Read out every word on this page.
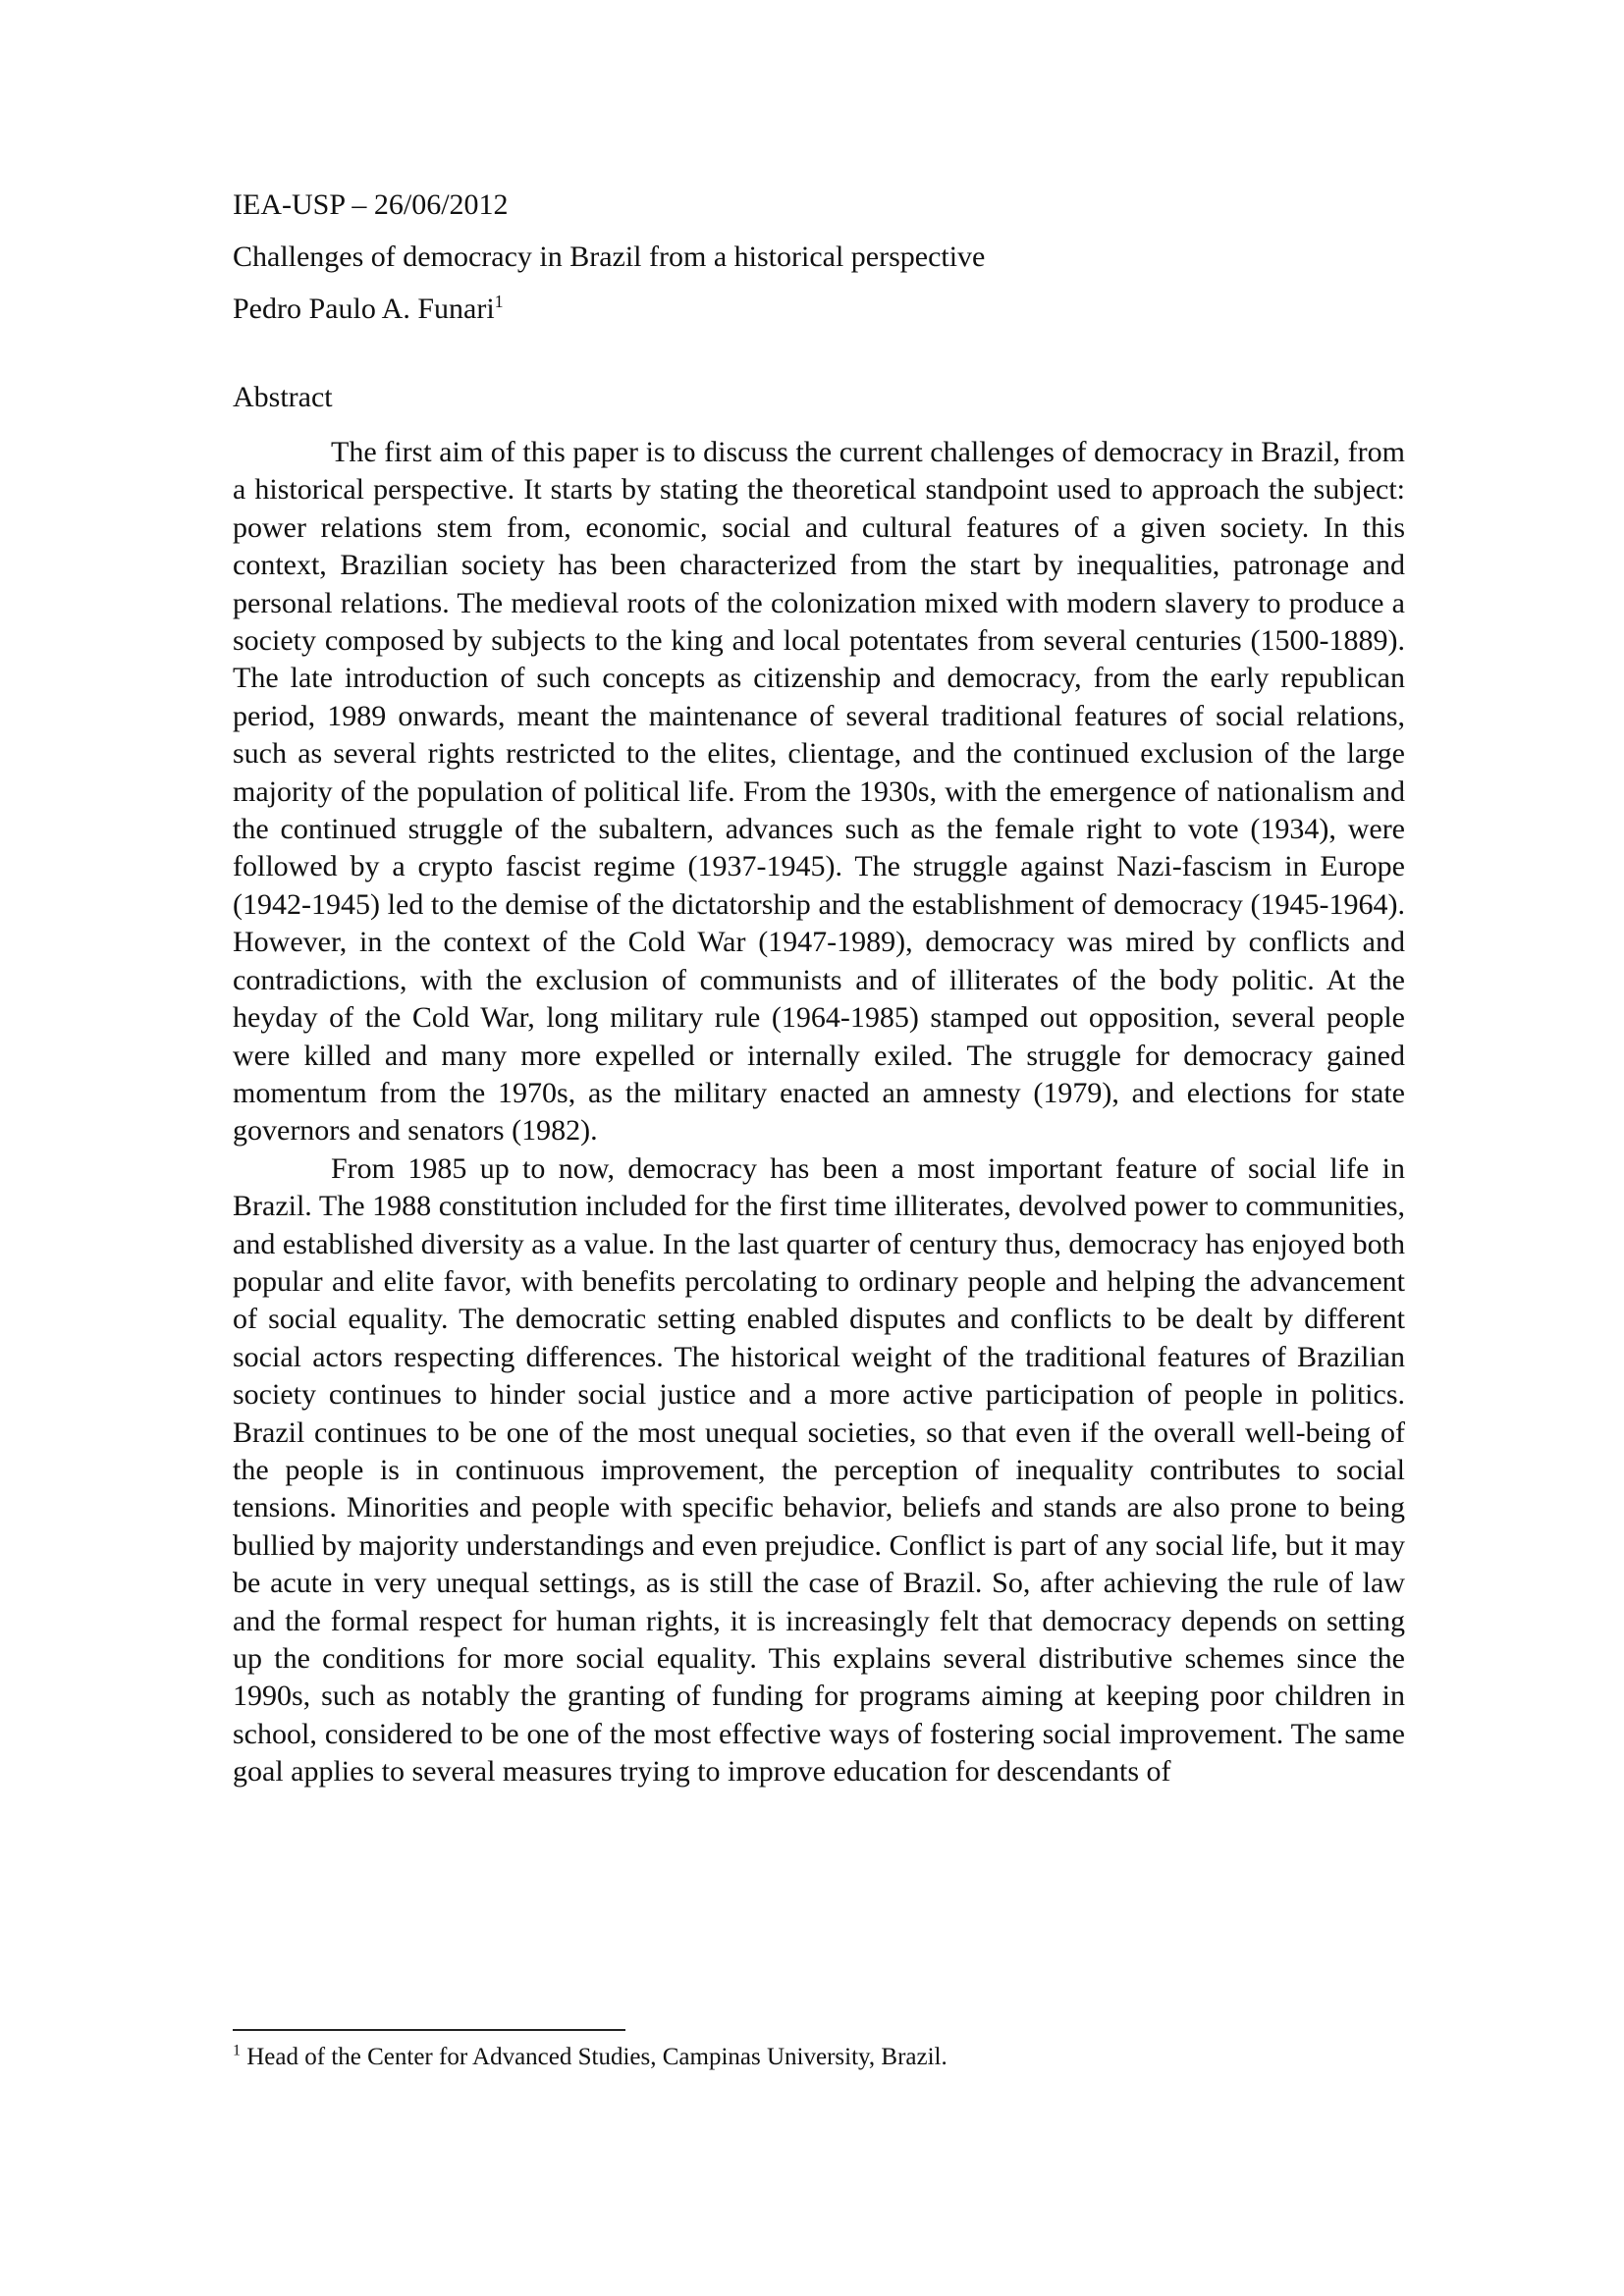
IEA-USP – 26/06/2012

Challenges of democracy in Brazil from a historical perspective

Pedro Paulo A. Funari$^1$

Abstract

The first aim of this paper is to discuss the current challenges of democracy in Brazil, from a historical perspective. It starts by stating the theoretical standpoint used to approach the subject: power relations stem from, economic, social and cultural features of a given society. In this context, Brazilian society has been characterized from the start by inequalities, patronage and personal relations. The medieval roots of the colonization mixed with modern slavery to produce a society composed by subjects to the king and local potentates from several centuries (1500-1889). The late introduction of such concepts as citizenship and democracy, from the early republican period, 1989 onwards, meant the maintenance of several traditional features of social relations, such as several rights restricted to the elites, clientage, and the continued exclusion of the large majority of the population of political life. From the 1930s, with the emergence of nationalism and the continued struggle of the subaltern, advances such as the female right to vote (1934), were followed by a crypto fascist regime (1937-1945). The struggle against Nazi-fascism in Europe (1942-1945) led to the demise of the dictatorship and the establishment of democracy (1945-1964). However, in the context of the Cold War (1947-1989), democracy was mired by conflicts and contradictions, with the exclusion of communists and of illiterates of the body politic. At the heyday of the Cold War, long military rule (1964-1985) stamped out opposition, several people were killed and many more expelled or internally exiled. The struggle for democracy gained momentum from the 1970s, as the military enacted an amnesty (1979), and elections for state governors and senators (1982).

From 1985 up to now, democracy has been a most important feature of social life in Brazil. The 1988 constitution included for the first time illiterates, devolved power to communities, and established diversity as a value. In the last quarter of century thus, democracy has enjoyed both popular and elite favor, with benefits percolating to ordinary people and helping the advancement of social equality. The democratic setting enabled disputes and conflicts to be dealt by different social actors respecting differences. The historical weight of the traditional features of Brazilian society continues to hinder social justice and a more active participation of people in politics. Brazil continues to be one of the most unequal societies, so that even if the overall well-being of the people is in continuous improvement, the perception of inequality contributes to social tensions. Minorities and people with specific behavior, beliefs and stands are also prone to being bullied by majority understandings and even prejudice. Conflict is part of any social life, but it may be acute in very unequal settings, as is still the case of Brazil. So, after achieving the rule of law and the formal respect for human rights, it is increasingly felt that democracy depends on setting up the conditions for more social equality. This explains several distributive schemes since the 1990s, such as notably the granting of funding for programs aiming at keeping poor children in school, considered to be one of the most effective ways of fostering social improvement. The same goal applies to several measures trying to improve education for descendants of

$^1$ Head of the Center for Advanced Studies, Campinas University, Brazil.
